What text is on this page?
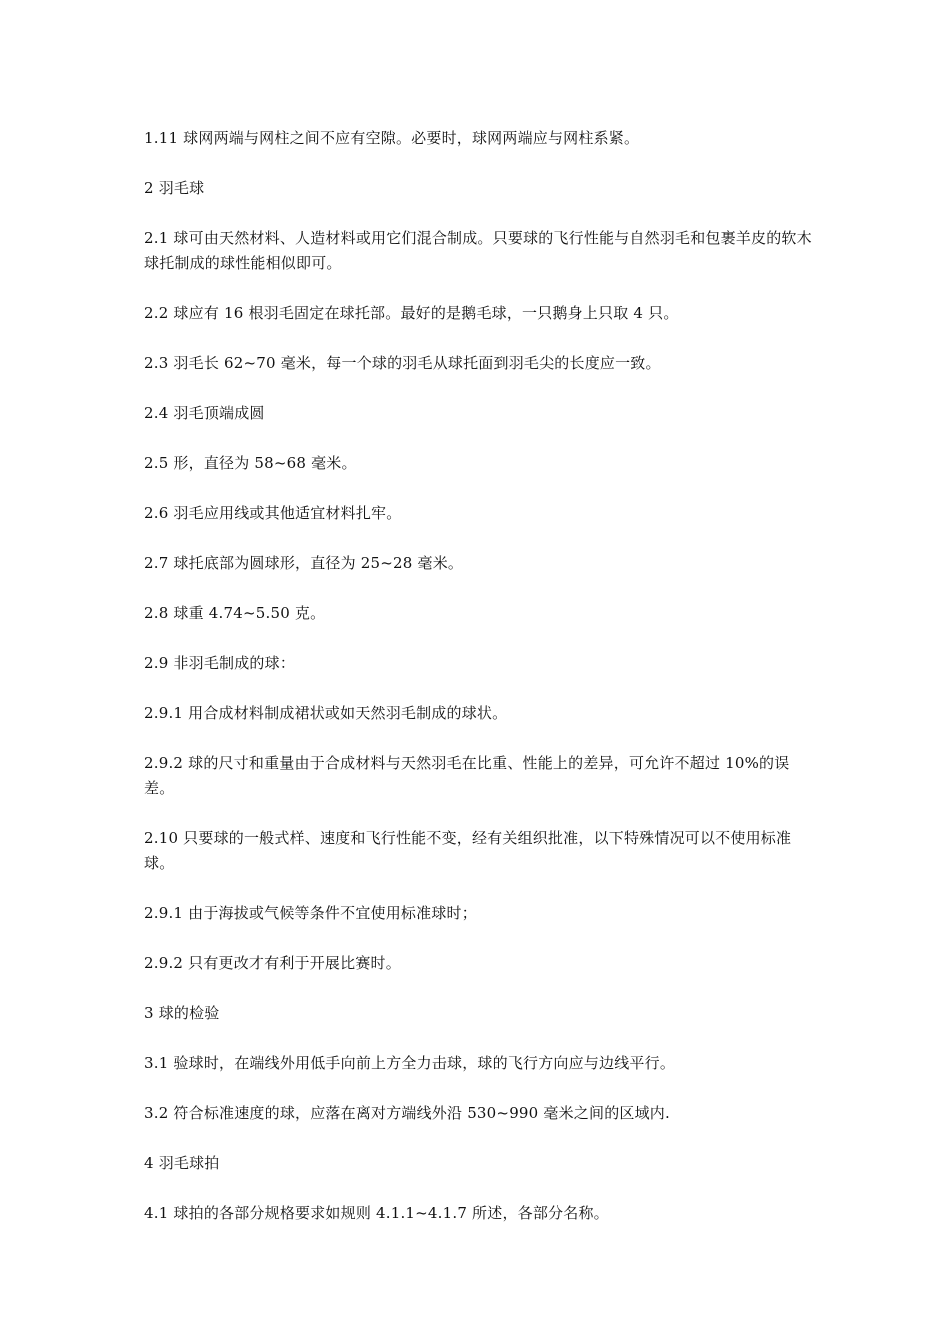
1.11 球网两端与网柱之间不应有空隙。必要时，球网两端应与网柱系紧。

2 羽毛球

2.1 球可由天然材料、人造材料或用它们混合制成。只要球的飞行性能与自然羽毛和包裹羊皮的软木球托制成的球性能相似即可。

2.2 球应有 16 根羽毛固定在球托部。最好的是鹅毛球，一只鹅身上只取 4 只。

2.3 羽毛长 62~70 毫米，每一个球的羽毛从球托面到羽毛尖的长度应一致。

2.4 羽毛顶端成圆

2.5 形，直径为 58~68 毫米。

2.6 羽毛应用线或其他适宜材料扎牢。

2.7 球托底部为圆球形，直径为 25~28 毫米。

2.8 球重 4.74~5.50 克。

2.9 非羽毛制成的球：

2.9.1 用合成材料制成裙状或如天然羽毛制成的球状。

2.9.2 球的尺寸和重量由于合成材料与天然羽毛在比重、性能上的差异，可允许不超过 10%的误差。

2.10 只要球的一般式样、速度和飞行性能不变，经有关组织批准，以下特殊情况可以不使用标准球。

2.9.1 由于海拔或气候等条件不宜使用标准球时；

2.9.2 只有更改才有利于开展比赛时。

3 球的检验

3.1 验球时，在端线外用低手向前上方全力击球，球的飞行方向应与边线平行。

3.2 符合标准速度的球，应落在离对方端线外沿 530~990 毫米之间的区域内.

4 羽毛球拍

4.1 球拍的各部分规格要求如规则 4.1.1~4.1.7 所述，各部分名称。
